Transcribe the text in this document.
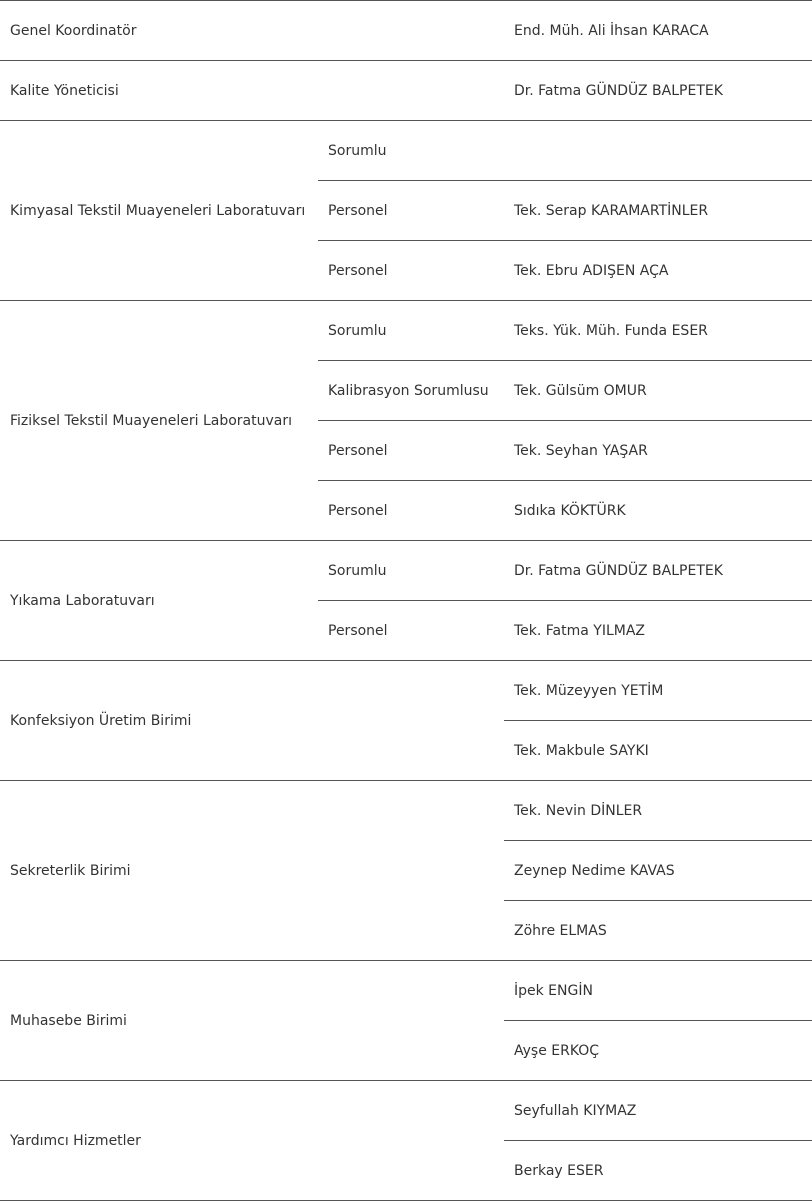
Genel Koordinatör		End. Müh. Ali İhsan KARACA
Kalite Yöneticisi		Dr. Fatma GÜNDÜZ BALPETEK
Kimyasal Tekstil Muayeneleri Laboratuvarı	Sorumlu	
	Personel	Tek. Serap KARAMARTİNLER
	Personel	Tek. Ebru ADIŞEN AÇA
Fiziksel Tekstil Muayeneleri Laboratuvarı	Sorumlu	Teks. Yük. Müh. Funda ESER
	Kalibrasyon Sorumlusu	Tek. Gülsüm OMUR
	Personel	Tek. Seyhan YAŞAR
	Personel	Sıdıka KÖKTÜRK
Yıkama Laboratuvarı	Sorumlu	Dr. Fatma GÜNDÜZ BALPETEK
	Personel	Tek. Fatma YILMAZ
Konfeksiyon Üretim Birimi		Tek. Müzeyyen YETİM
		Tek. Makbule SAYKI
Sekreterlik Birimi		Tek. Nevin DİNLER
		Zeynep Nedime KAVAS
		Zöhre ELMAS
Muhasebe Birimi		İpek ENGİN
		Ayşe ERKOÇ
Yardımcı Hizmetler		Seyfullah KIYMAZ
		Berkay ESER
